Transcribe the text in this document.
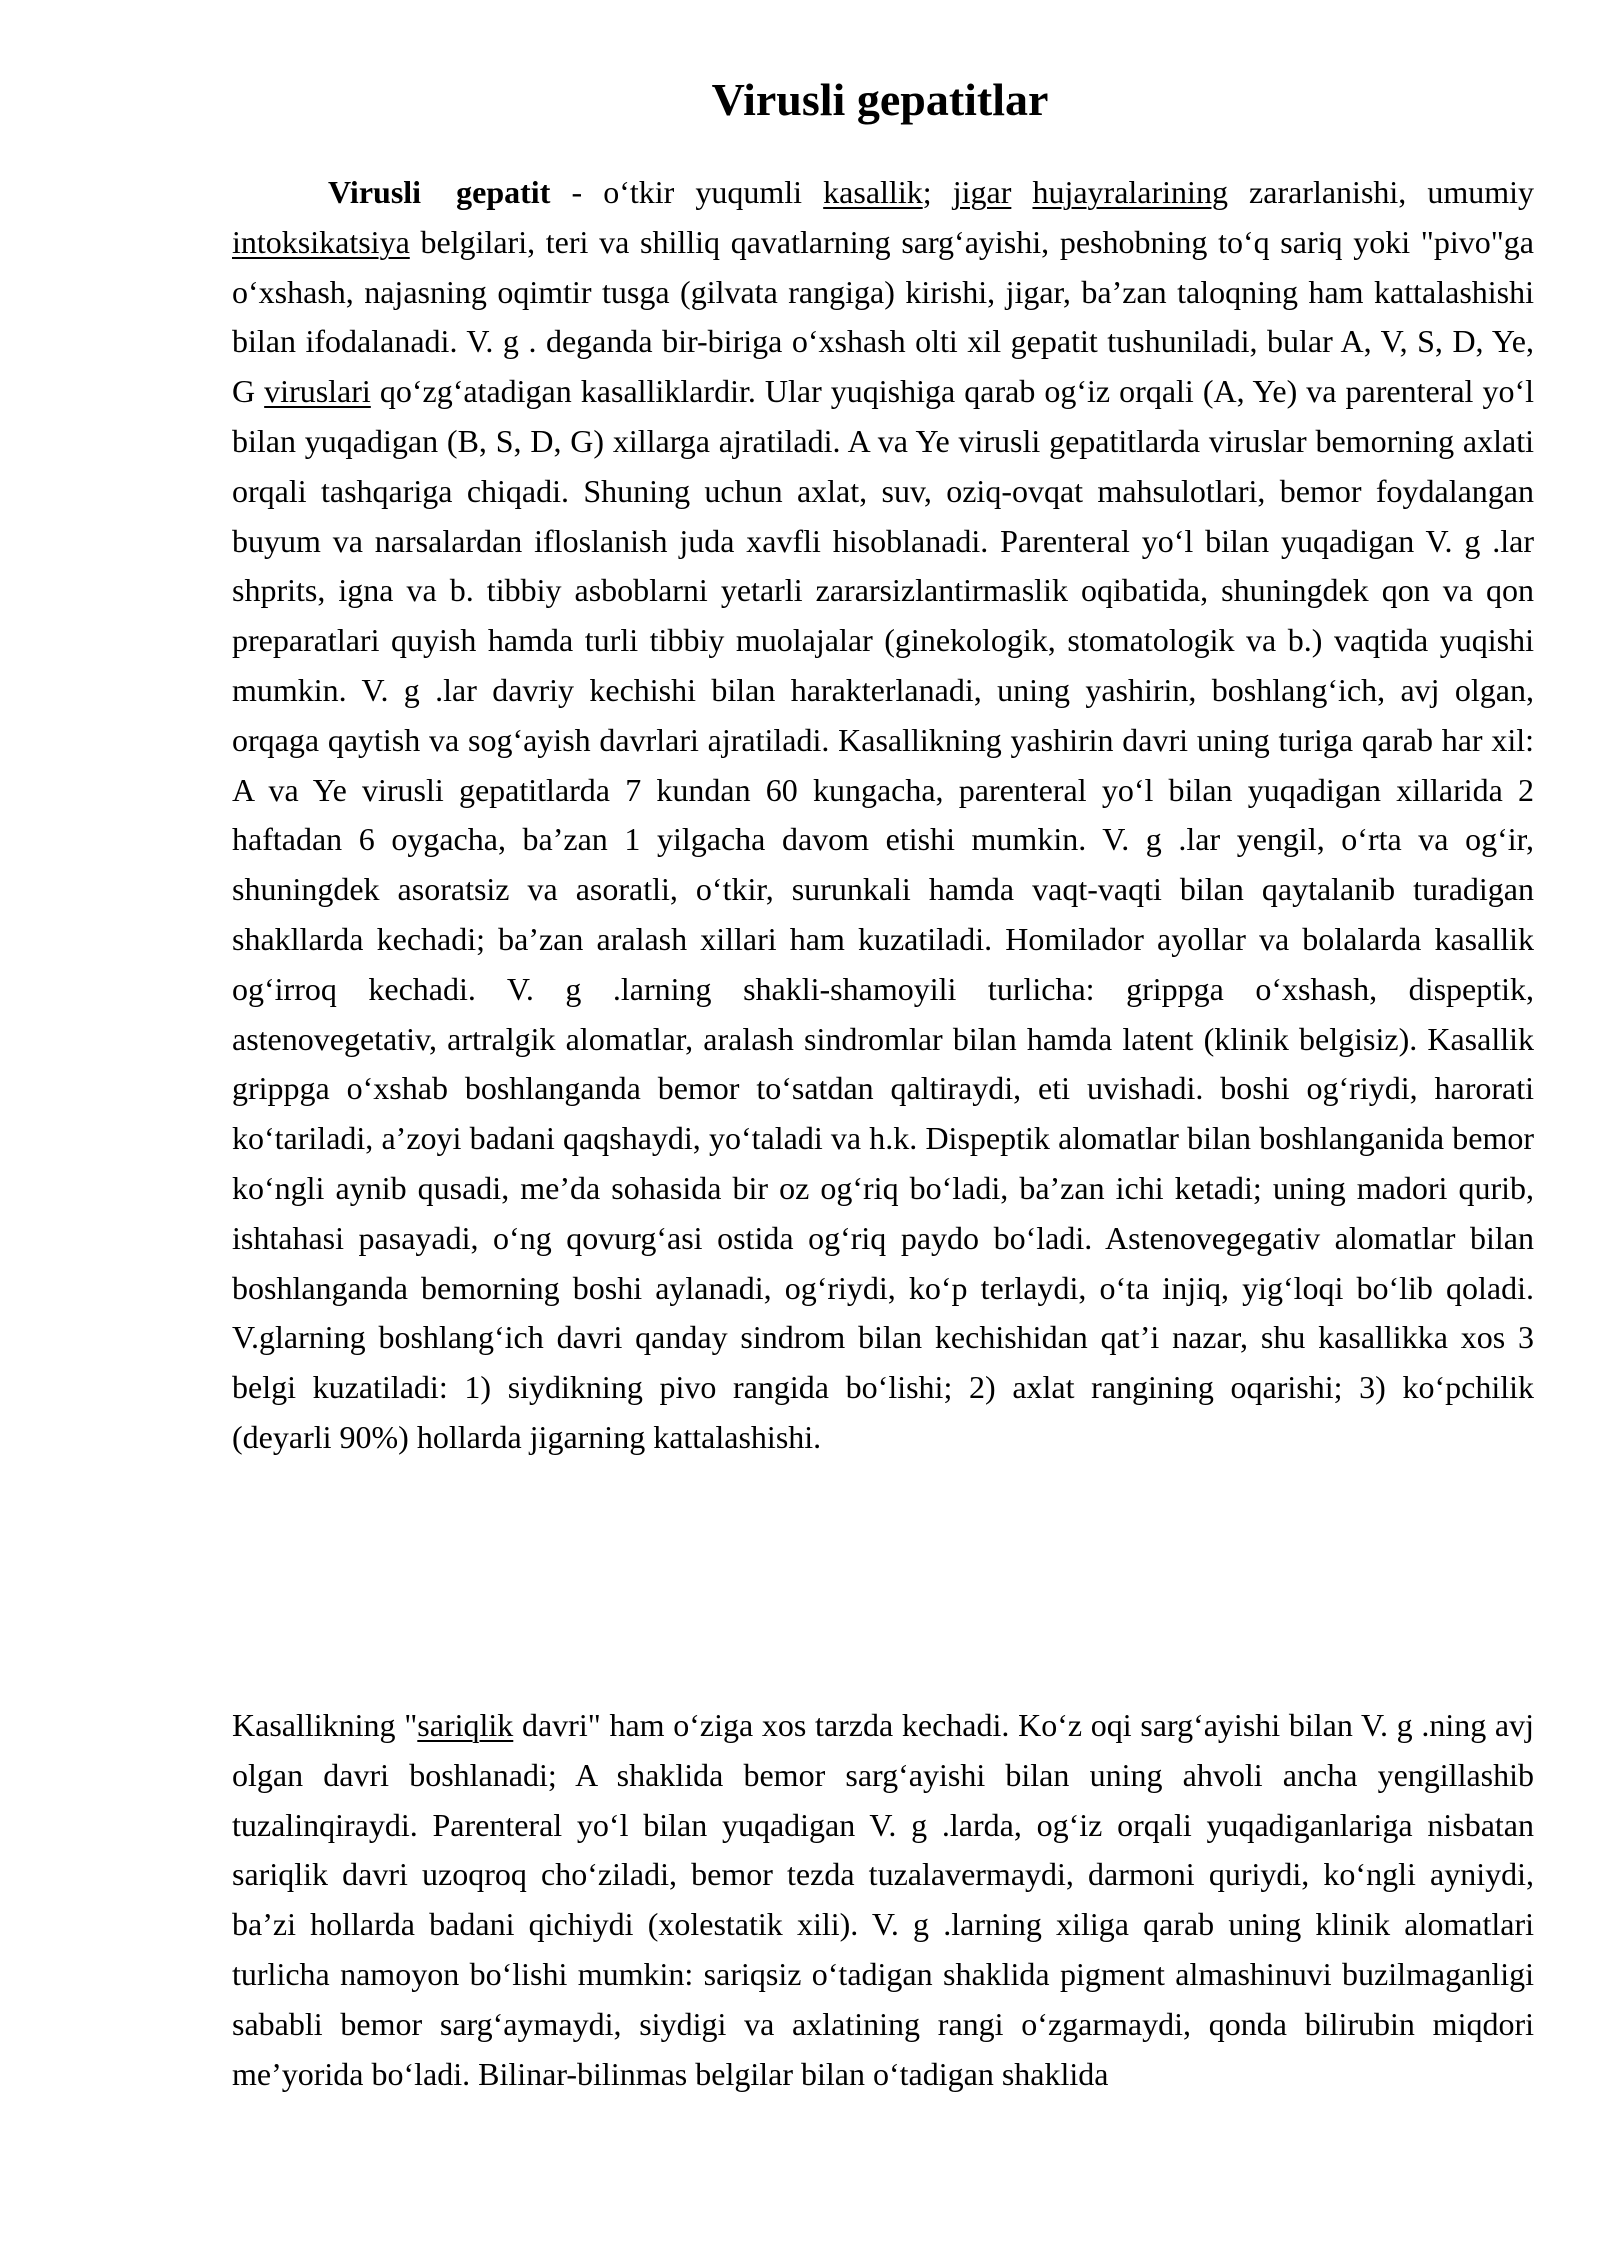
Virusli gepatitlar

Virusli gepatit - o‘tkir yuqumli kasallik; jigar hujayralarining zararlanishi, umumiy intoksikatsiya belgilari, teri va shilliq qavatlarning sarg‘ayishi, peshobning to‘q sariq yoki "pivo"ga o‘xshash, najasning oqimtir tusga (gilvata rangiga) kirishi, jigar, ba’zan taloqning ham kattalashishi bilan ifodalanadi. V. g . deganda bir-biriga o‘xshash olti xil gepatit tushuniladi, bular A, V, S, D, Ye, G viruslari qo‘zg‘atadigan kasalliklardir. Ular yuqishiga qarab og‘iz orqali (A, Ye) va parenteral yo‘l bilan yuqadigan (B, S, D, G) xillarga ajratiladi. A va Ye virusli gepatitlarda viruslar bemorning axlati orqali tashqariga chiqadi. Shuning uchun axlat, suv, oziq-ovqat mahsulotlari, bemor foydalangan buyum va narsalardan ifloslanish juda xavfli hisoblanadi. Parenteral yo‘l bilan yuqadigan V. g .lar shprits, igna va b. tibbiy asboblarni yetarli zararsizlantirmaslik oqibatida, shuningdek qon va qon preparatlari quyish hamda turli tibbiy muolajalar (ginekologik, stomatologik va b.) vaqtida yuqishi mumkin. V. g .lar davriy kechishi bilan harakterlanadi, uning yashirin, boshlang‘ich, avj olgan, orqaga qaytish va sog‘ayish davrlari ajratiladi. Kasallikning yashirin davri uning turiga qarab har xil: A va Ye virusli gepatitlarda 7 kundan 60 kungacha, parenteral yo‘l bilan yuqadigan xillarida 2 haftadan 6 oygacha, ba’zan 1 yilgacha davom etishi mumkin. V. g .lar yengil, o‘rta va og‘ir, shuningdek asoratsiz va asoratli, o‘tkir, surunkali hamda vaqt-vaqti bilan qaytalanib turadigan shakllarda kechadi; ba’zan aralash xillari ham kuzatiladi. Homilador ayollar va bolalarda kasallik og‘irroq kechadi. V. g .larning shakli-shamoyili turlicha: grippga o‘xshash, dispeptik, astenovegetativ, artralgik alomatlar, aralash sindromlar bilan hamda latent (klinik belgisiz). Kasallik grippga o‘xshab boshlanganda bemor to‘satdan qaltiraydi, eti uvishadi. boshi og‘riydi, harorati ko‘tariladi, a’zoyi badani qaqshaydi, yo‘taladi va h.k. Dispeptik alomatlar bilan boshlanganida bemor ko‘ngli aynib qusadi, me’da sohasida bir oz og‘riq bo‘ladi, ba’zan ichi ketadi; uning madori qurib, ishtahasi pasayadi, o‘ng qovurg‘asi ostida og‘riq paydo bo‘ladi. Astenovegegativ alomatlar bilan boshlanganda bemorning boshi aylanadi, og‘riydi, ko‘p terlaydi, o‘ta injiq, yig‘loqi bo‘lib qoladi. V.glarning boshlang‘ich davri qanday sindrom bilan kechishidan qat’i nazar, shu kasallikka xos 3 belgi kuzatiladi: 1) siydikning pivo rangida bo‘lishi; 2) axlat rangining oqarishi; 3) ko‘pchilik (deyarli 90%) hollarda jigarning kattalashishi.

Kasallikning "sariqlik davri" ham o‘ziga xos tarzda kechadi. Ko‘z oqi sarg‘ayishi bilan V. g .ning avj olgan davri boshlanadi; A shaklida bemor sarg‘ayishi bilan uning ahvoli ancha yengillashib tuzalinqiraydi. Parenteral yo‘l bilan yuqadigan V. g .larda, og‘iz orqali yuqadiganlariga nisbatan sariqlik davri uzoqroq cho‘ziladi, bemor tezda tuzalavermaydi, darmoni quriydi, ko‘ngli ayniydi, ba’zi hollarda badani qichiydi (xolestatik xili). V. g .larning xiliga qarab uning klinik alomatlari turlicha namoyon bo‘lishi mumkin: sariqsiz o‘tadigan shaklida pigment almashinuvi buzilmaganligi sababli bemor sarg‘aymaydi, siydigi va axlatining rangi o‘zgarmaydi, qonda bilirubin miqdori me’yorida bo‘ladi. Bilinar-bilinmas belgilar bilan o‘tadigan shaklida
